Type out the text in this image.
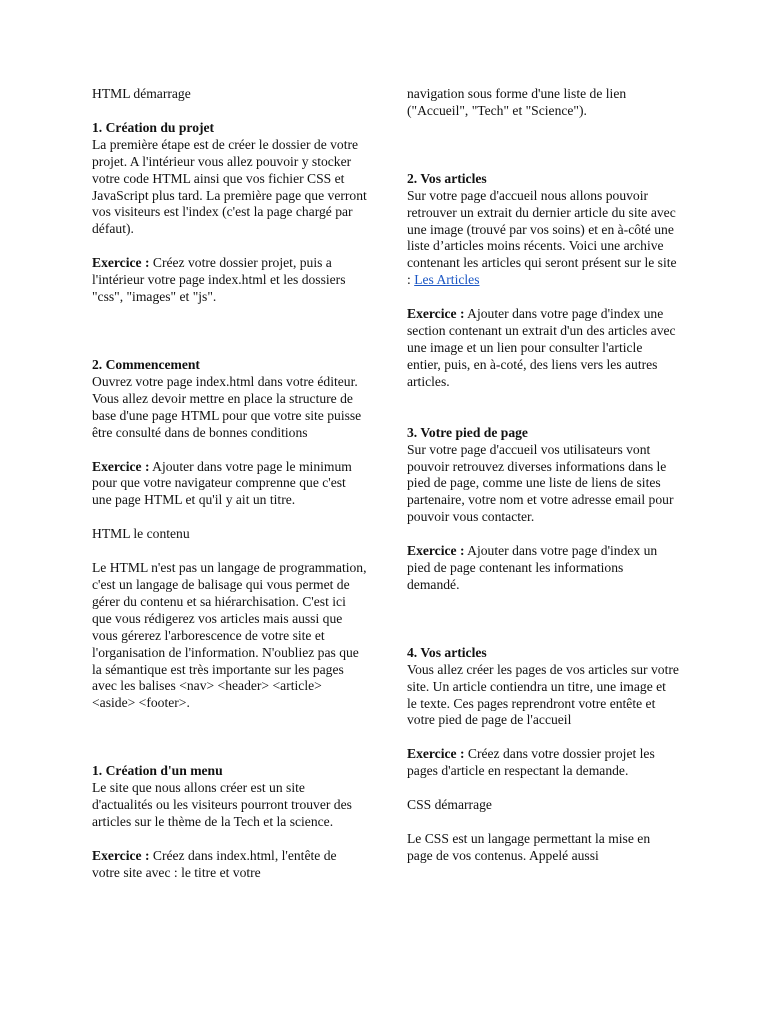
HTML démarrage

1. Création du projet
La première étape est de créer le dossier de votre projet. A l'intérieur vous allez pouvoir y stocker votre code HTML ainsi que vos fichier CSS et JavaScript plus tard. La première page que verront vos visiteurs est l'index (c'est la page chargé par défaut).

Exercice : Créez votre dossier projet, puis a l'intérieur votre page index.html et les dossiers "css", "images" et "js".

2. Commencement
Ouvrez votre page index.html dans votre éditeur. Vous allez devoir mettre en place la structure de base d'une page HTML pour que votre site puisse être consulté dans de bonnes conditions

Exercice : Ajouter dans votre page le minimum pour que votre navigateur comprenne que c'est une page HTML et qu'il y ait un titre.

HTML le contenu

Le HTML n'est pas un langage de programmation, c'est un langage de balisage qui vous permet de gérer du contenu et sa hiérarchisation. C'est ici que vous rédigerez vos articles mais aussi que vous gérerez l'arborescence de votre site et l'organisation de l'information. N'oubliez pas que la sémantique est très importante sur les pages avec les balises <nav> <header> <article> <aside> <footer>.

1. Création d'un menu
Le site que nous allons créer est un site d'actualités ou les visiteurs pourront trouver des articles sur le thème de la Tech et la science.

Exercice : Créez dans index.html, l'entête de votre site avec : le titre et votre

navigation sous forme d'une liste de lien ("Accueil", "Tech" et "Science").

2. Vos articles
Sur votre page d'accueil nous allons pouvoir retrouver un extrait du dernier article du site avec une image (trouvé par vos soins) et en à-côté une liste d’articles moins récents. Voici une archive contenant les articles qui seront présent sur le site : Les Articles

Exercice : Ajouter dans votre page d'index une section contenant un extrait d'un des articles avec une image et un lien pour consulter l'article entier, puis, en à-coté, des liens vers les autres articles.

3. Votre pied de page
Sur votre page d'accueil vos utilisateurs vont pouvoir retrouvez diverses informations dans le pied de page, comme une liste de liens de sites partenaire, votre nom et votre adresse email pour pouvoir vous contacter.

Exercice : Ajouter dans votre page d'index un pied de page contenant les informations demandé.

4. Vos articles
Vous allez créer les pages de vos articles sur votre site. Un article contiendra un titre, une image et le texte. Ces pages reprendront votre entête et votre pied de page de l'accueil

Exercice : Créez dans votre dossier projet les pages d'article en respectant la demande.

CSS démarrage

Le CSS est un langage permettant la mise en page de vos contenus. Appelé aussi
